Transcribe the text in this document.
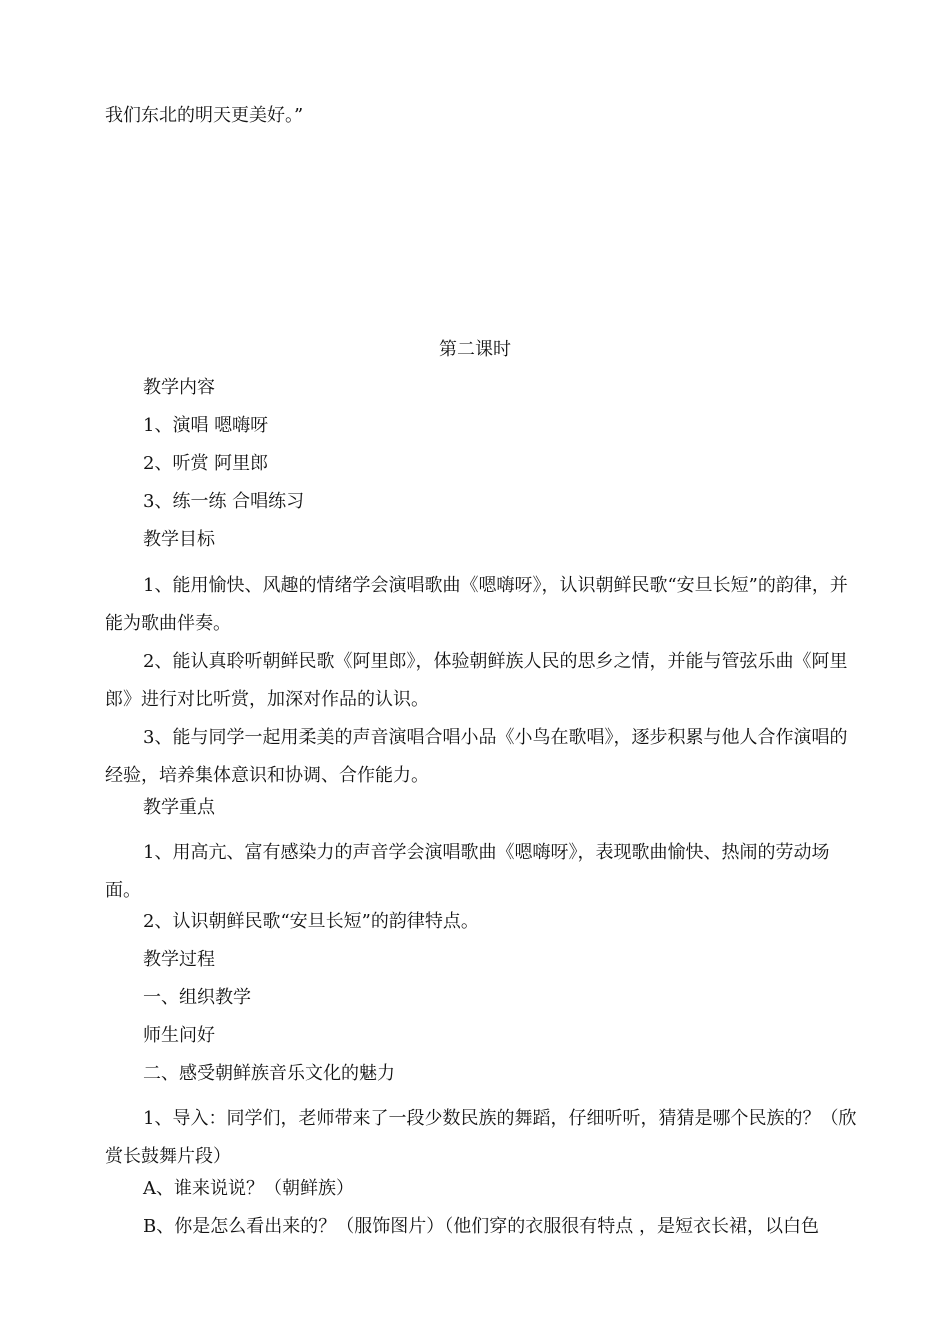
我们东北的明天更美好。”
第二课时
教学内容
1、演唱 嗯嗨呀
2、听赏 阿里郎
3、练一练 合唱练习
教学目标
1、能用愉快、风趣的情绪学会演唱歌曲《嗯嗨呀》，认识朝鲜民歌“安旦长短”的韵律，并能为歌曲伴奏。
2、能认真聆听朝鲜民歌《阿里郎》，体验朝鲜族人民的思乡之情，并能与管弦乐曲《阿里郎》进行对比听赏，加深对作品的认识。
3、能与同学一起用柔美的声音演唱合唱小品《小鸟在歌唱》，逐步积累与他人合作演唱的经验，培养集体意识和协调、合作能力。
教学重点
1、用高亢、富有感染力的声音学会演唱歌曲《嗯嗨呀》，表现歌曲愉快、热闹的劳动场面。
2、认识朝鲜民歌“安旦长短”的韵律特点。
教学过程
一、组织教学
师生问好
二、感受朝鲜族音乐文化的魅力
1、导入：同学们，老师带来了一段少数民族的舞蹈，仔细听听，猜猜是哪个民族的？（欣赏长鼓舞片段）
A、谁来说说？（朝鲜族）
B、你是怎么看出来的？（服饰图片）（他们穿的衣服很有特点 ，是短衣长裙，以白色
